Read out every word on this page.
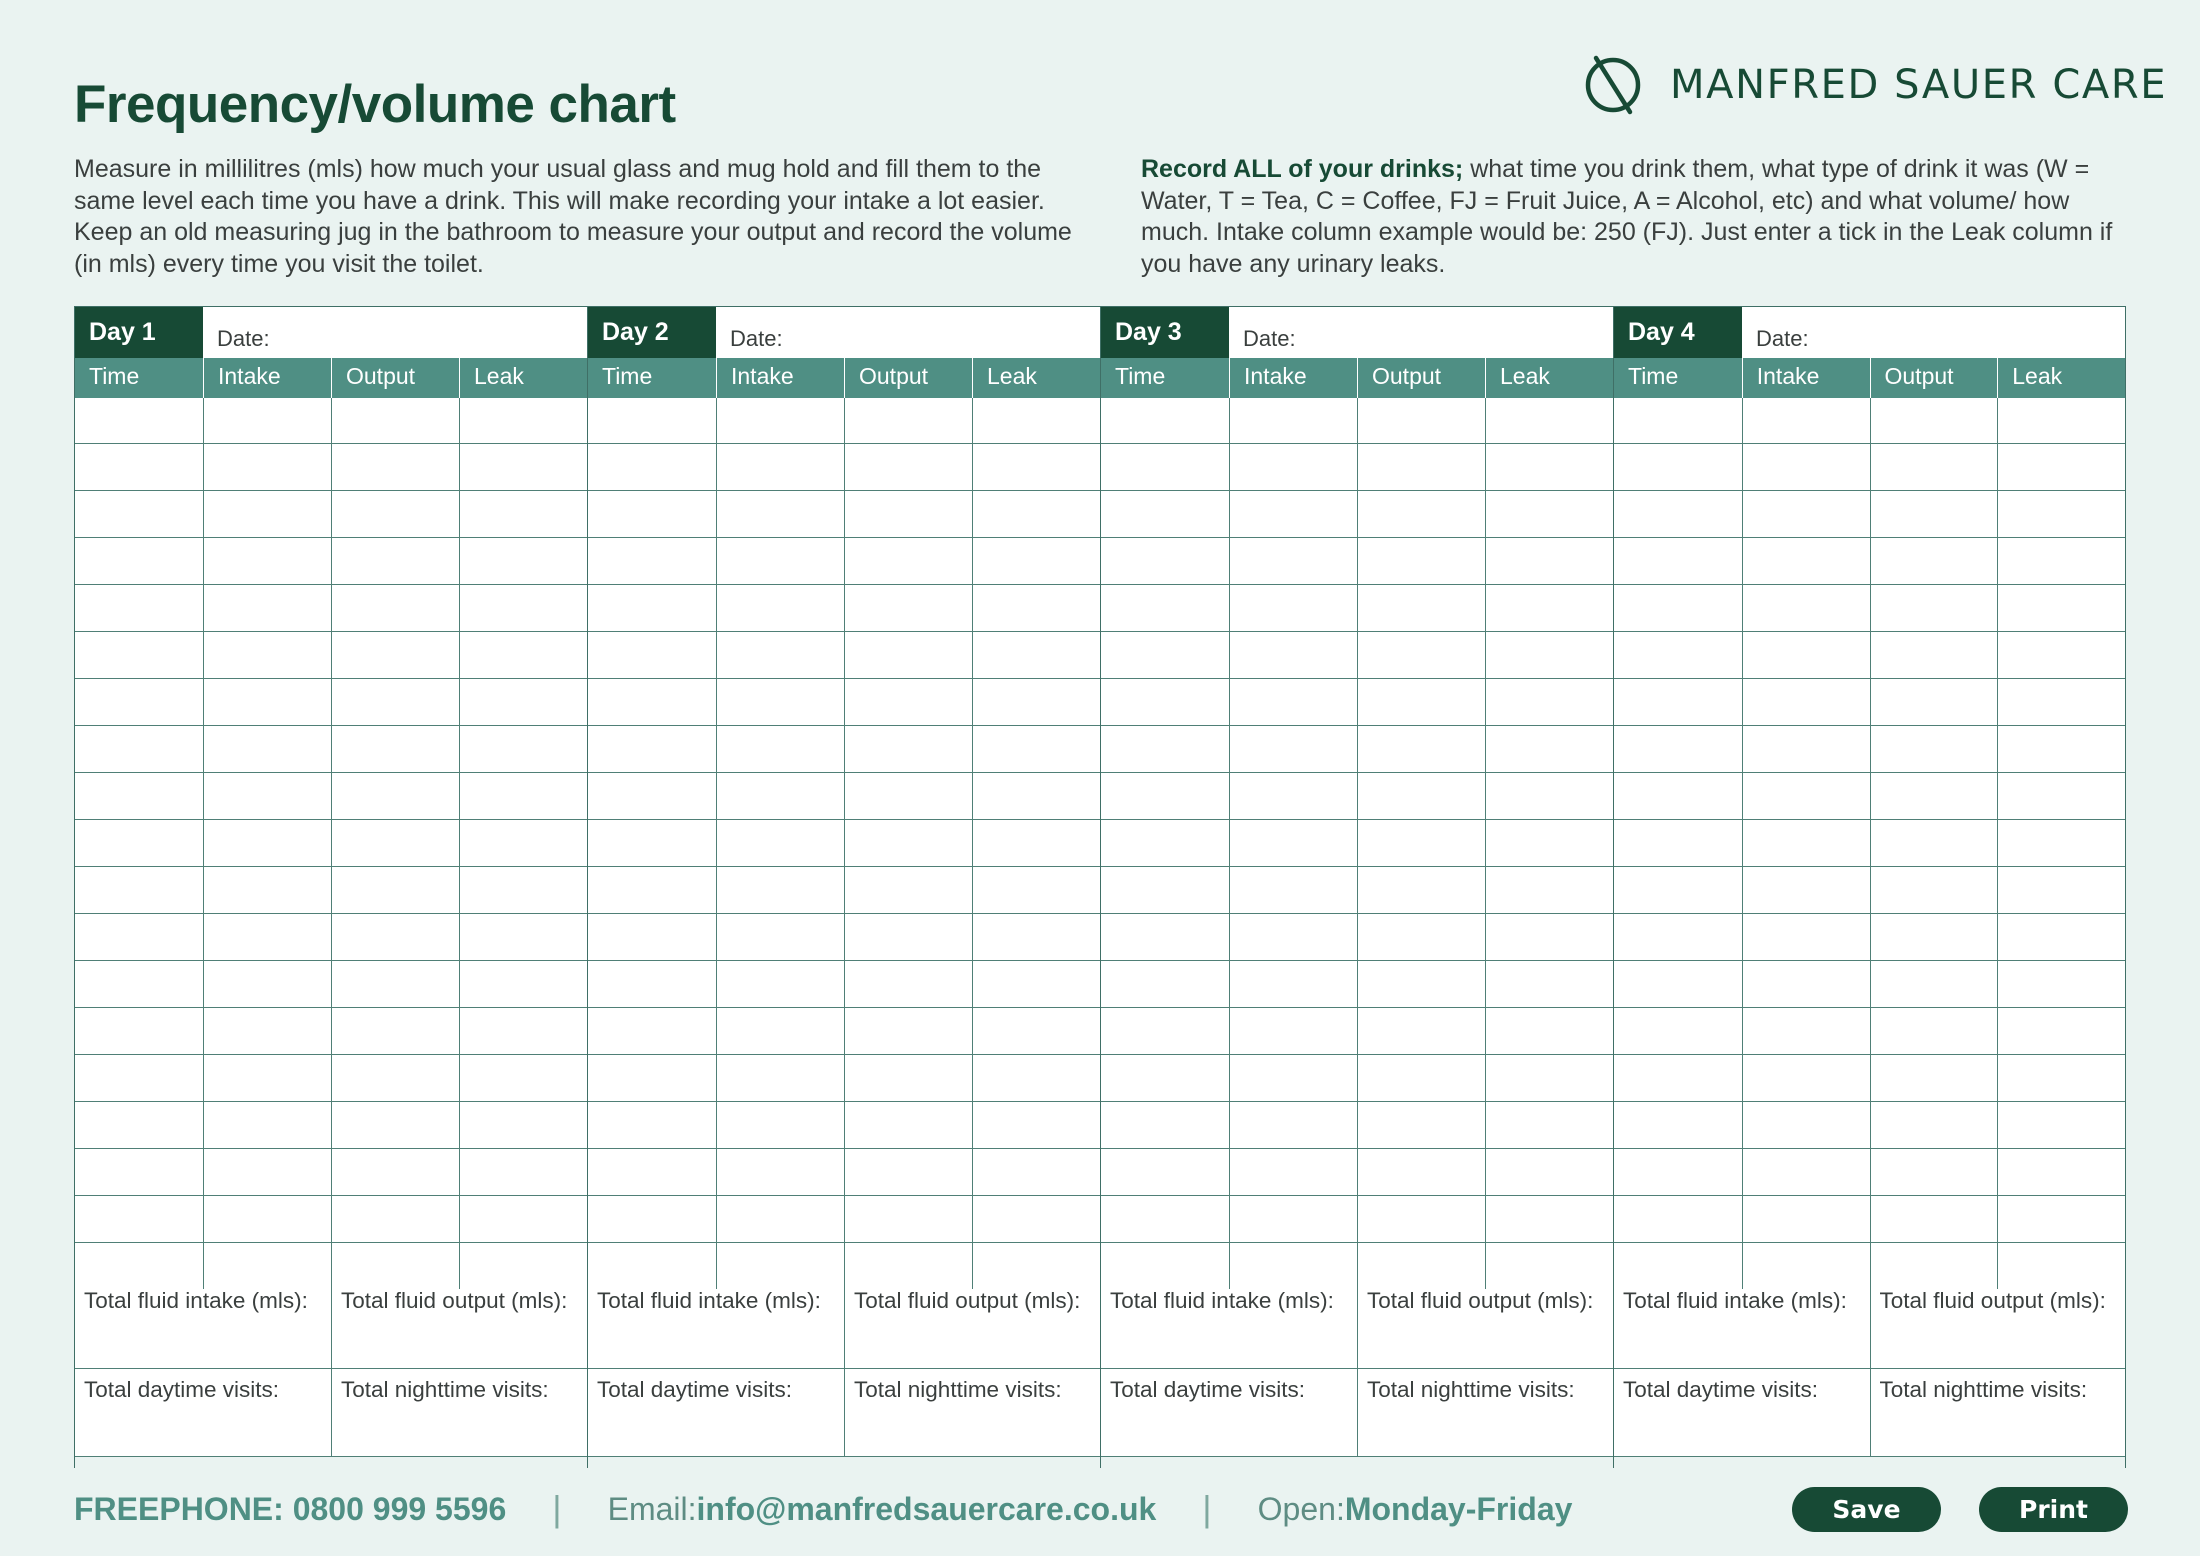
Frequency/volume chart	MANFRED SAUER CARE

Measure in millilitres (mls) how much your usual glass and mug hold and fill them to the same level each time you have a drink. This will make recording your intake a lot easier. Keep an old measuring jug in the bathroom to measure your output and record the volume (in mls) every time you visit the toilet.

Record ALL of your drinks; what time you drink them, what type of drink it was (W = Water, T = Tea, C = Coffee, FJ = Fruit Juice, A = Alcohol, etc) and what volume/ how much. Intake column example would be: 250 (FJ). Just enter a tick in the Leak column if you have any urinary leaks.

Day 1	Date:
Time	Intake	Output	Leak
Total fluid intake (mls):	Total fluid output (mls):
Total daytime visits:	Total nighttime visits:
Day 2	Date:
Time	Intake	Output	Leak
Total fluid intake (mls):	Total fluid output (mls):
Total daytime visits:	Total nighttime visits:
Day 3	Date:
Time	Intake	Output	Leak
Total fluid intake (mls):	Total fluid output (mls):
Total daytime visits:	Total nighttime visits:
Day 4	Date:
Time	Intake	Output	Leak
Total fluid intake (mls):	Total fluid output (mls):
Total daytime visits:	Total nighttime visits:
FREEPHONE: 0800 999 5596 | Email: info@manfredsauercare.co.uk | Open: Monday-Friday	Save	Print
